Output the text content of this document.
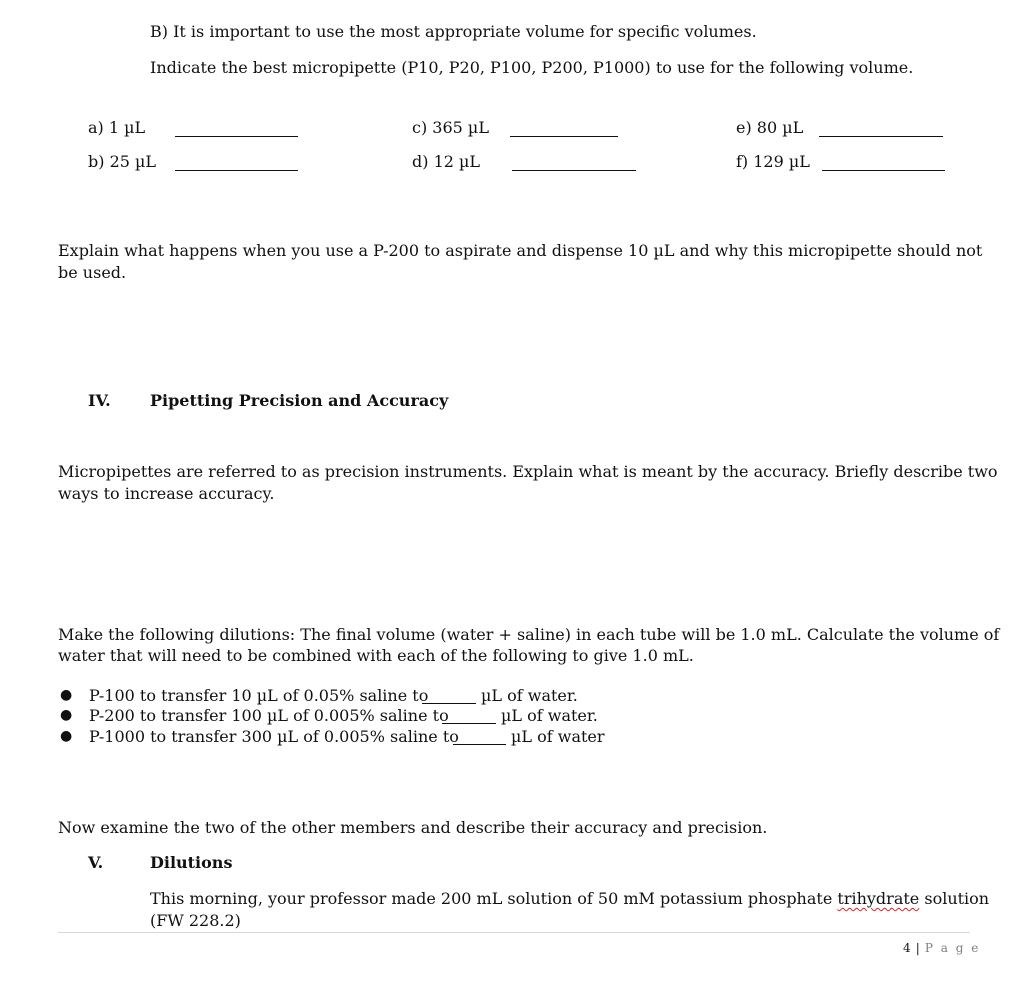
B) It is important to use the most appropriate volume for specific volumes.
Indicate the best micropipette (P10, P20, P100, P200, P1000) to use for the following volume.
a) 1 µL
b) 25 µL
c) 365 µL
d) 12 µL
e) 80 µL
f) 129 µL
Explain what happens when you use a P-200 to aspirate and dispense 10 µL and why this micropipette should not
be used.
IV. Pipetting Precision and Accuracy
Micropipettes are referred to as precision instruments. Explain what is meant by the accuracy. Briefly describe two
ways to increase accuracy.
Make the following dilutions: The final volume (water + saline) in each tube will be 1.0 mL. Calculate the volume of
water that will need to be combined with each of the following to give 1.0 mL.
● P-100 to transfer 10 µL of 0.05% saline to	µL of water.
● P-200 to transfer 100 µL of 0.005% saline to	µL of water.
● P-1000 to transfer 300 µL of 0.005% saline to	µL of water
Now examine the two of the other members and describe their accuracy and precision.
V.	Dilutions
This morning, your professor made 200 mL solution of 50 mM potassium phosphate trihydrate solution
(FW 228.2)
4 | P a g e
